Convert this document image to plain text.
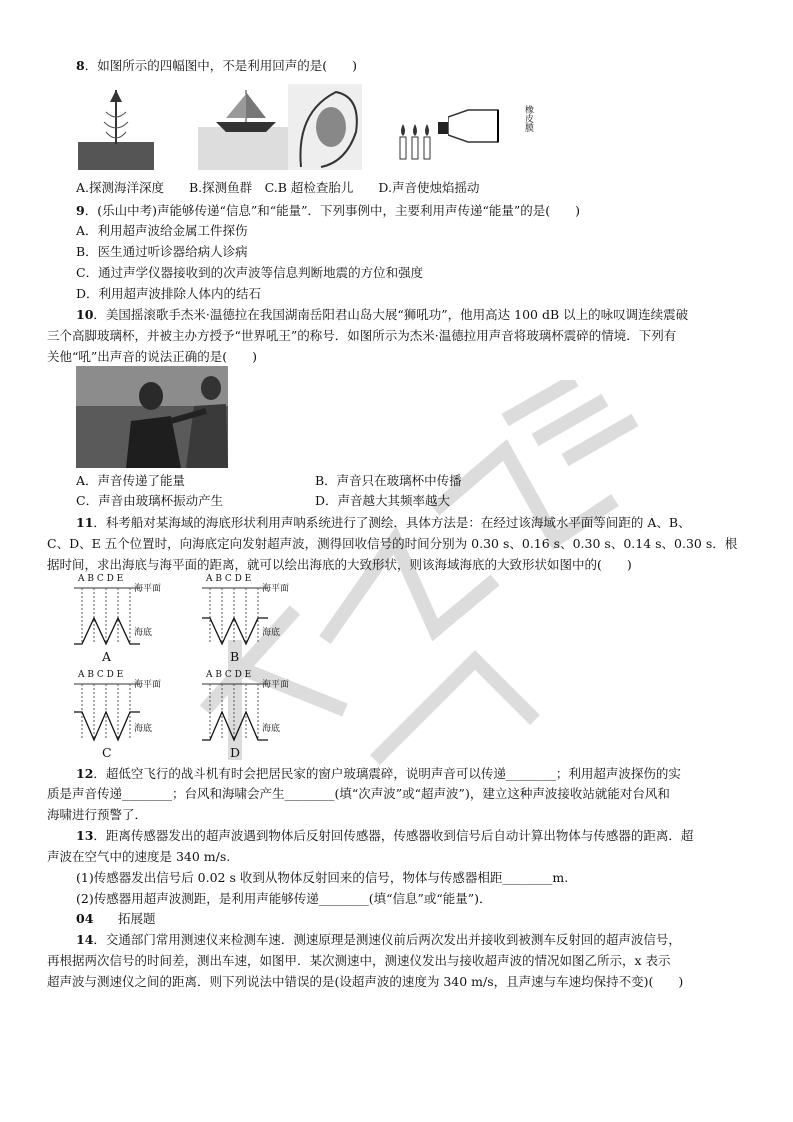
8．如图所示的四幅图中，不是利用回声的是(　　)
橡皮膜
A.探测海洋深度　　B.探测鱼群　C.B 超检查胎儿　　D.声音使烛焰摇动
9．(乐山中考)声能够传递“信息”和“能量”．下列事例中，主要利用声传递“能量”的是(　　)
A．利用超声波给金属工件探伤
B．医生通过听诊器给病人诊病
C．通过声学仪器接收到的次声波等信息判断地震的方位和强度
D．利用超声波排除人体内的结石
10．美国摇滚歌手杰米·温德拉在我国湖南岳阳君山岛大展“狮吼功”，他用高达 100 dB 以上的咏叹调连续震破
三个高脚玻璃杯，并被主办方授予“世界吼王”的称号．如图所示为杰米·温德拉用声音将玻璃杯震碎的情境．下列有
关他“吼”出声音的说法正确的是(　　)
A．声音传递了能量	B．声音只在玻璃杯中传播
C．声音由玻璃杯振动产生	D．声音越大其频率越大
11．科考船对某海域的海底形状利用声呐系统进行了测绘．具体方法是：在经过该海域水平面等间距的 A、B、
C、D、E 五个位置时，向海底定向发射超声波，测得回收信号的时间分别为 0.30 s、0.16 s、0.30 s、0.14 s、0.30 s．根
据时间，求出海底与海平面的距离，就可以绘出海底的大致形状，则该海域海底的大致形状如图中的(　　)
A B C D E
海平面
海底
A
A B C D E
海平面
海底
B
A B C D E
海平面
海底
C
A B C D E
海平面
海底
D
12．超低空飞行的战斗机有时会把居民家的窗户玻璃震碎，说明声音可以传递________；利用超声波探伤的实
质是声音传递________；台风和海啸会产生________(填“次声波”或“超声波”)，建立这种声波接收站就能对台风和
海啸进行预警了．
13．距离传感器发出的超声波遇到物体后反射回传感器，传感器收到信号后自动计算出物体与传感器的距离．超
声波在空气中的速度是 340 m/s.
(1)传感器发出信号后 0.02 s 收到从物体反射回来的信号，物体与传感器相距________m.
(2)传感器用超声波测距，是利用声能够传递________(填“信息”或“能量”)．
04 拓展题
14．交通部门常用测速仪来检测车速．测速原理是测速仪前后两次发出并接收到被测车反射回的超声波信号，
再根据两次信号的时间差，测出车速，如图甲．某次测速中，测速仪发出与接收超声波的情况如图乙所示，x 表示
超声波与测速仪之间的距离．则下列说法中错误的是(设超声波的速度为 340 m/s，且声速与车速均保持不变)(　　)
